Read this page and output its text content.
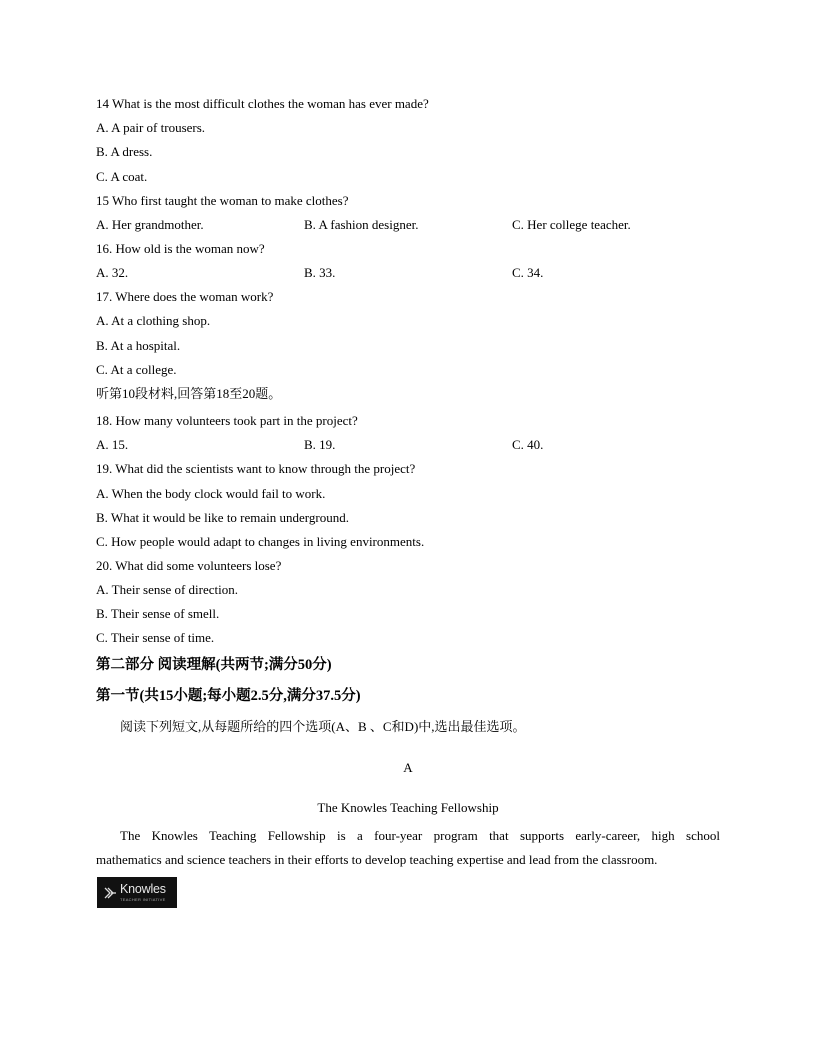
14 What is the most difficult clothes the woman has ever made?
A. A pair of trousers.
B. A dress.
C. A coat.
15 Who first taught the woman to make clothes?
A. Her grandmother.	B. A fashion designer.	C. Her college teacher.
16. How old is the woman now?
A. 32.	B. 33.	C. 34.
17. Where does the woman work?
A. At a clothing shop.
B. At a hospital.
C. At a college.
听第10段材料,回答第18至20题。
18. How many volunteers took part in the project?
A. 15.	B. 19.	C. 40.
19. What did the scientists want to know through the project?
A. When the body clock would fail to work.
B. What it would be like to remain underground.
C. How people would adapt to changes in living environments.
20. What did some volunteers lose?
A. Their sense of direction.
B. Their sense of smell.
C. Their sense of time.
第二部分 阅读理解(共两节;满分50分)
第一节(共15小题;每小题2.5分,满分37.5分)
阅读下列短文,从每题所给的四个选项(A、B 、C和D)中,选出最佳选项。
A
The Knowles Teaching Fellowship
The Knowles Teaching Fellowship is a four-year program that supports early-career, high school
mathematics and science teachers in their efforts to develop teaching expertise and lead from the classroom.
Knowles
TEACHER INITIATIVE
